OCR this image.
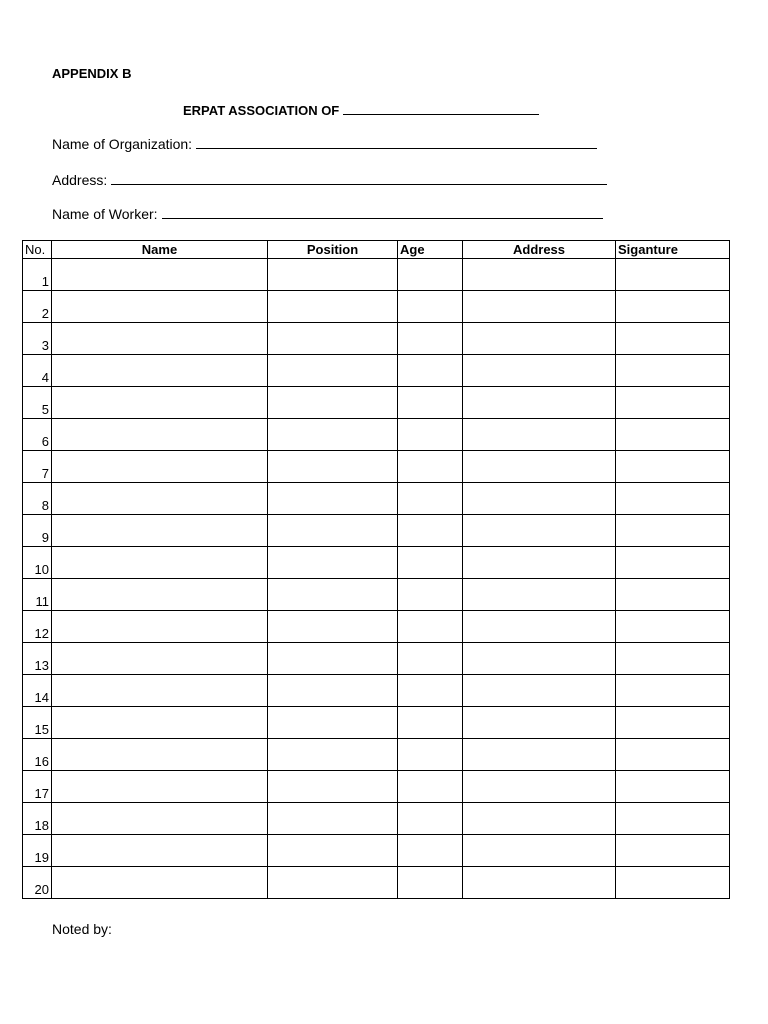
APPENDIX B
ERPAT ASSOCIATION OF
Name of Organization:
Address:
Name of Worker:
No.	Name	Position	Age	Address	Siganture
1					
2					
3					
4					
5					
6					
7					
8					
9					
10					
11					
12					
13					
14					
15					
16					
17					
18					
19					
20					
Noted by:
